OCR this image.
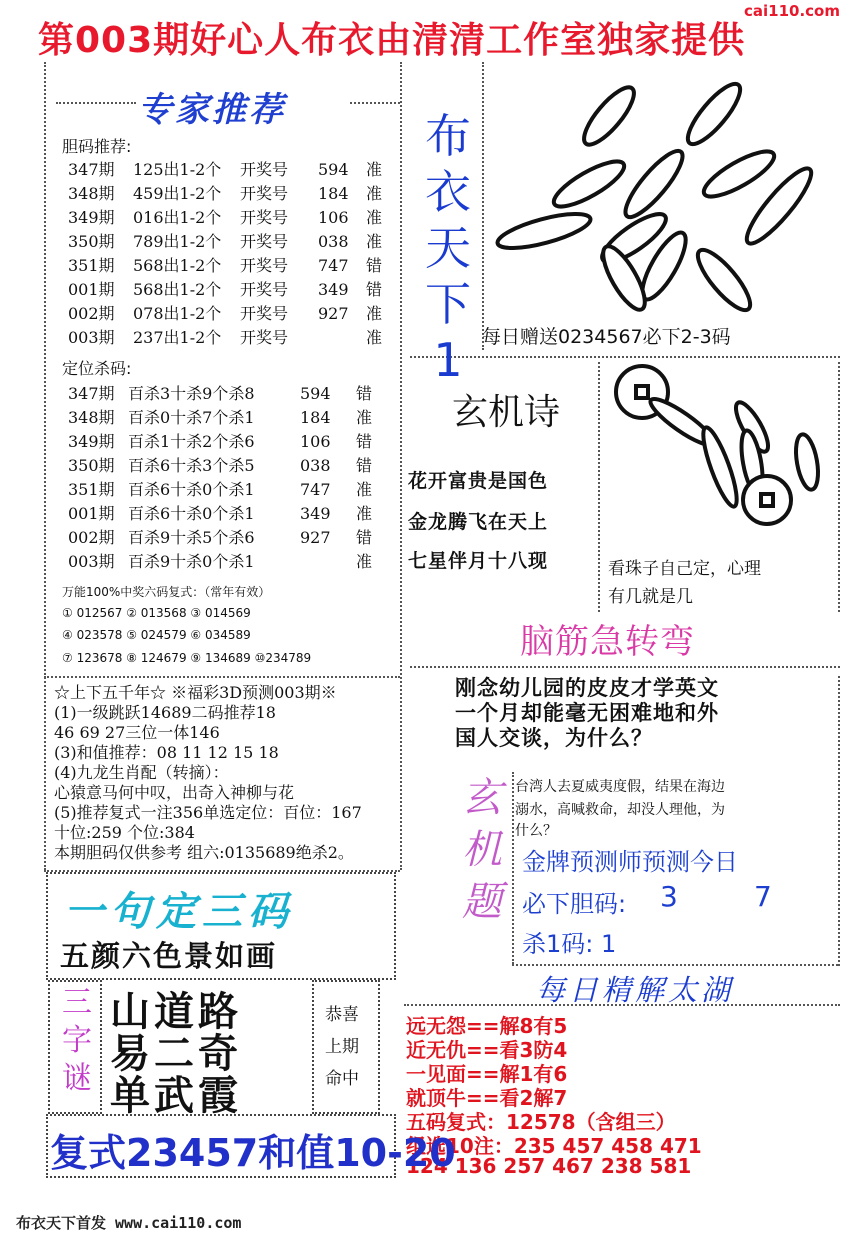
第003期好心人布衣由清清工作室独家提供
cai110.com
专家推荐
胆码推荐:
347期 125出1-2个 开奖号 594 准
348期 459出1-2个 开奖号 184 准
349期 016出1-2个 开奖号 106 准
350期 789出1-2个 开奖号 038 准
351期 568出1-2个 开奖号 747 错
001期 568出1-2个 开奖号 349 错
002期 078出1-2个 开奖号 927 准
003期 237出1-2个 开奖号	准
定位杀码:
347期 百杀3十杀9个杀8	594 错
348期 百杀0十杀7个杀1	184 准
349期 百杀1十杀2个杀6	106 错
350期 百杀6十杀3个杀5	038 错
351期 百杀6十杀0个杀1	747 准
001期 百杀6十杀0个杀1	349 准
002期 百杀9十杀5个杀6	927 错
003期 百杀9十杀0个杀1	准
万能100%中奖六码复式：（常年有效）
① 012567 ② 013568 ③ 014569
④ 023578 ⑤ 024579 ⑥ 034589
⑦ 123678 ⑧ 124679 ⑨ 134689 ⑩234789
☆上下五千年☆ ※福彩3D预测003期※
(1)一级跳跃14689二码推荐18
46 69 27三位一体146
(3)和值推荐：08 11 12 15 18
(4)九龙生肖配（转摘）：
心猿意马何中叹，出奇入神柳与花
(5)推荐复式一注356单选定位：百位：167
十位:259 个位:384
本期胆码仅供参考 组六:0135689绝杀2。
布
衣
天
下
1	每日赠送0234567必下2-3码
玄机诗
花开富贵是国色
金龙腾飞在天上
七星伴月十八现	看珠子自己定，心理
有几就是几
脑筋急转弯
刚念幼儿园的皮皮才学英文
一个月却能毫无困难地和外
国人交谈，为什么？
玄
机
题
台湾人去夏威夷度假，结果在海边
溺水，高喊救命，却没人理他，为
什么？
金牌预测师预测今日
必下胆码: 3	7
杀1码: 1
每日精解太湖
远无怨==解8有5
近无仇==看3防4
一见面==解1有6
就顶牛==看2解7
五码复式：12578（含组三）
组选10注：235 457 458 471
124 136 257 467 238 581
一句定三码
五颜六色景如画
三
字
谜
山道路
易二奇
单武霞
恭喜
上期
命中
复式23457和值10-20
布衣天下首发 www.cai110.com
